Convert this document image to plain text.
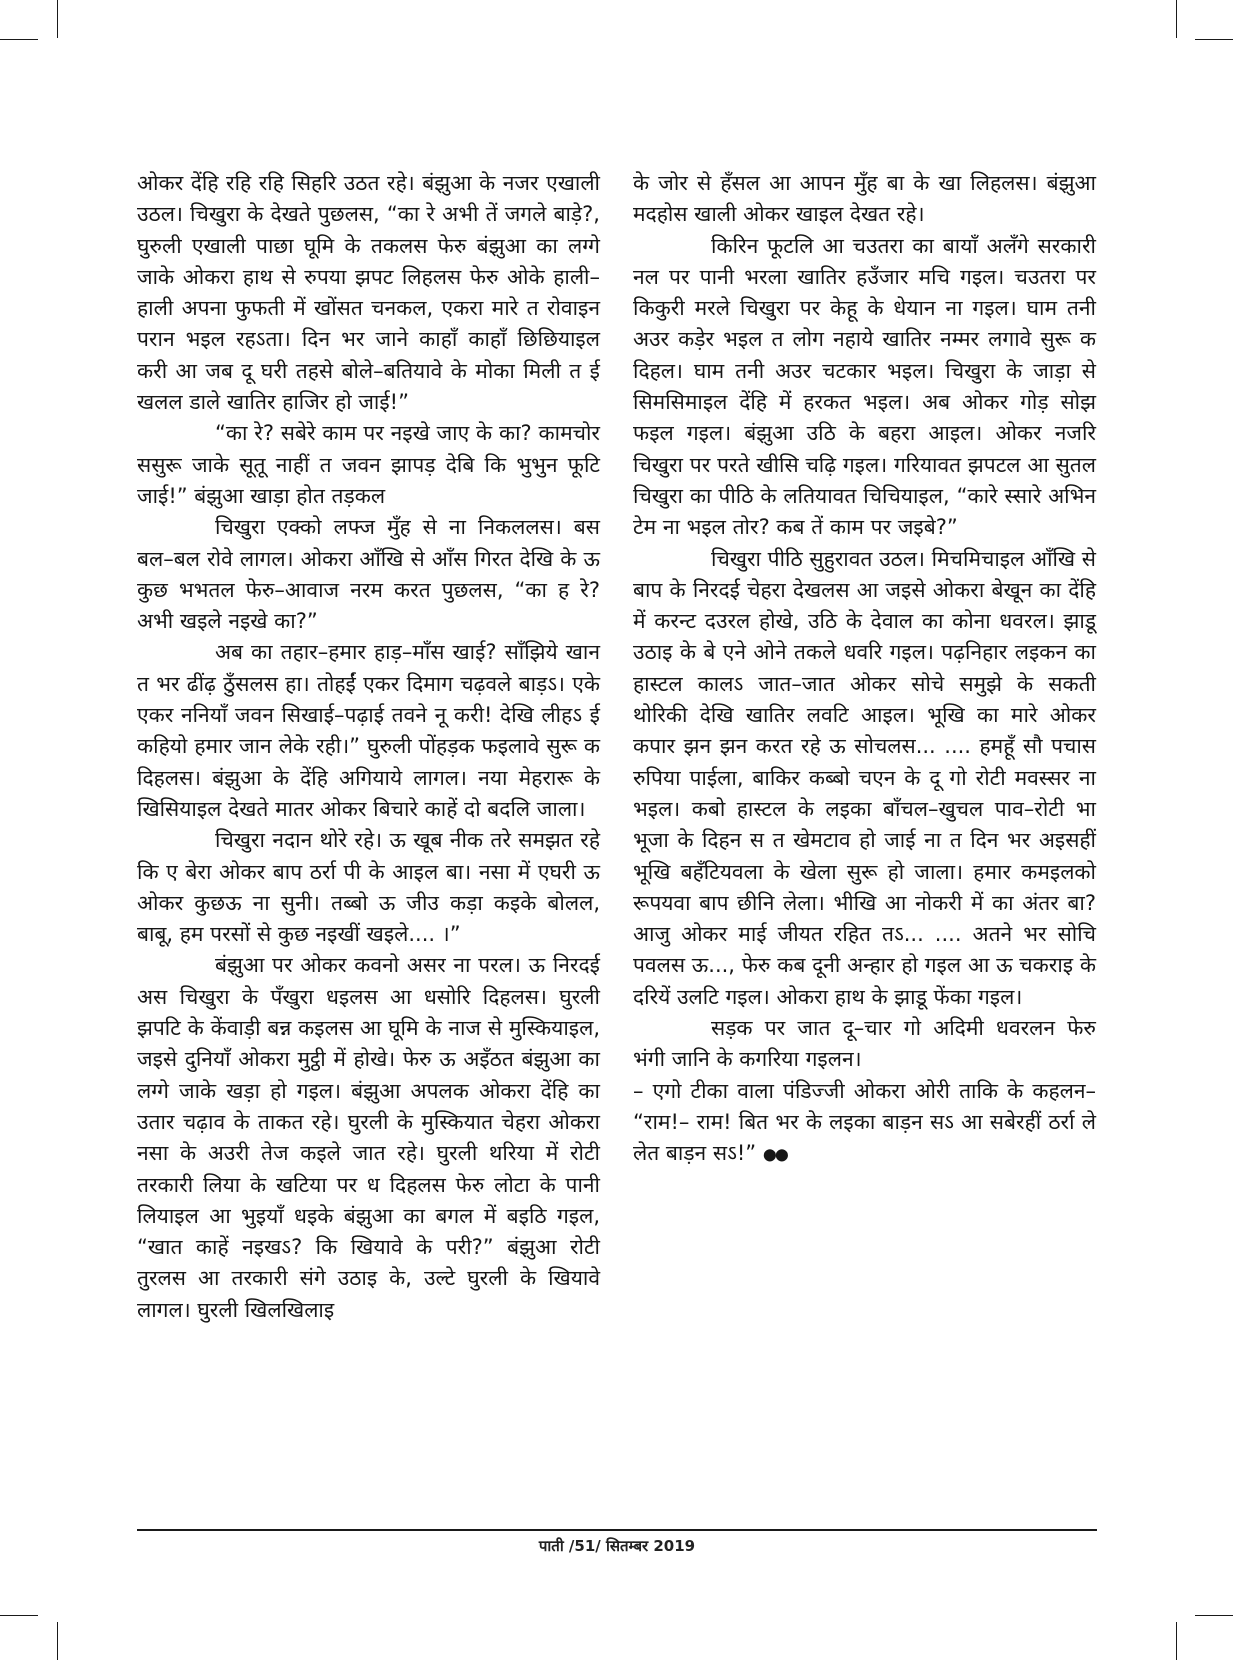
ओकर देंहि रहि रहि सिहरि उठत रहे। बंझुआ के नजर एखाली उठल। चिखुरा के देखते पुछलस, “का रे अभी तें जगले बाड़े?, घुरुली एखाली पाछा घूमि के तकलस फेरु बंझुआ का लग्गे जाके ओकरा हाथ से रुपया झपट लिहलस फेरु ओके हाली–हाली अपना फुफती में खोंसत चनकल, एकरा मारे त रोवाइन परान भइल रहऽता। दिन भर जाने काहाँ काहाँ छिछियाइल करी आ जब दू घरी तहसे बोले–बतियावे के मोका मिली त ई खलल डाले खातिर हाजिर हो जाई!”

“का रे? सबेरे काम पर नइखे जाए के का? कामचोर ससुरू जाके सूतू नाहीं त जवन झापड़ देबि कि भुभुन फूटि जाई!” बंझुआ खाड़ा होत तड़कल

चिखुरा एक्को लफ्ज मुँह से ना निकललस। बस बल–बल रोवे लागल। ओकरा आँखि से आँस गिरत देखि के ऊ कुछ भभतल फेरु–आवाज नरम करत पुछलस, “का ह रे? अभी खइले नइखे का?”

अब का तहार–हमार हाड़–माँस खाई? साँझिये खान त भर ढींढ़ ठुँसलस हा। तोहईं एकर दिमाग चढ़वले बाड़ऽ। एके एकर ननियाँ जवन सिखाई–पढ़ाई तवने नू करी! देखि लीहऽ ई कहियो हमार जान लेके रही।” घुरुली पोंहड़क फइलावे सुरू क दिहलस। बंझुआ के देंहि अगियाये लागल। नया मेहरारू के खिसियाइल देखते मातर ओकर बिचारे काहें दो बदलि जाला।

चिखुरा नदान थोरे रहे। ऊ खूब नीक तरे समझत रहे कि ए बेरा ओकर बाप ठर्रा पी के आइल बा। नसा में एघरी ऊ ओकर कुछऊ ना सुनी। तब्बो ऊ जीउ कड़ा कइके बोलल, बाबू, हम परसों से कुछ नइखीं खइले.... ।”

बंझुआ पर ओकर कवनो असर ना परल। ऊ निरदई अस चिखुरा के पँखुरा धइलस आ धसोरि दिहलस। घुरली झपटि के केंवाड़ी बन्न कइलस आ घूमि के नाज से मुस्कियाइल, जइसे दुनियाँ ओकरा मुट्ठी में होखे। फेरु ऊ अइँठत बंझुआ का लग्गे जाके खड़ा हो गइल। बंझुआ अपलक ओकरा देंहि का उतार चढ़ाव के ताकत रहे। घुरली के मुस्कियात चेहरा ओकरा नसा के अउरी तेज कइले जात रहे। घुरली थरिया में रोटी तरकारी लिया के खटिया पर ध दिहलस फेरु लोटा के पानी लियाइल आ भुइयाँ धइके बंझुआ का बगल में बइठि गइल, “खात काहें नइखऽ? कि खियावे के परी?” बंझुआ रोटी तुरलस आ तरकारी संगे उठाइ के, उल्टे घुरली के खियावे लागल। घुरली खिलखिलाइ

के जोर से हँसल आ आपन मुँह बा के खा लिहलस। बंझुआ मदहोस खाली ओकर खाइल देखत रहे।

किरिन फूटलि आ चउतरा का बायाँ अलँगे सरकारी नल पर पानी भरला खातिर हउँजार मचि गइल। चउतरा पर किकुरी मरले चिखुरा पर केहू के धेयान ना गइल। घाम तनी अउर कड़ेर भइल त लोग नहाये खातिर नम्मर लगावे सुरू क दिहल। घाम तनी अउर चटकार भइल। चिखुरा के जाड़ा से सिमसिमाइल देंहि में हरकत भइल। अब ओकर गोड़ सोझ फइल गइल। बंझुआ उठि के बहरा आइल। ओकर नजरि चिखुरा पर परते खीसि चढ़ि गइल। गरियावत झपटल आ सुतल चिखुरा का पीठि के लतियावत चिचियाइल, “कारे स्सारे अभिन टेम ना भइल तोर? कब तें काम पर जइबे?”

चिखुरा पीठि सुहुरावत उठल। मिचमिचाइल आँखि से बाप के निरदई चेहरा देखलस आ जइसे ओकरा बेखून का देंहि में करन्ट दउरल होखे, उठि के देवाल का कोना धवरल। झाडू उठाइ के बे एने ओने तकले धवरि गइल। पढ़निहार लइकन का हास्टल कालऽ जात–जात ओकर सोचे समुझे के सकती थोरिकी देखि खातिर लवटि आइल। भूखि का मारे ओकर कपार झन झन करत रहे ऊ सोचलस... .... हमहूँ सौ पचास रुपिया पाईला, बाकिर कब्बो चएन के दू गो रोटी मवस्सर ना भइल। कबो हास्टल के लइका बाँचल–खुचल पाव–रोटी भा भूजा के दिहन स त खेमटाव हो जाई ना त दिन भर अइसहीं भूखि बहँटियवला के खेला सुरू हो जाला। हमार कमइलको रूपयवा बाप छीनि लेला। भीखि आ नोकरी में का अंतर बा? आजु ओकर माई जीयत रहित तऽ... .... अतने भर सोचि पवलस ऊ..., फेरु कब दूनी अन्हार हो गइल आ ऊ चकराइ के दरियें उलटि गइल। ओकरा हाथ के झाडू फेंका गइल।

सड़क पर जात दू–चार गो अदिमी धवरलन फेरु भंगी जानि के कगरिया गइलन।

– एगो टीका वाला पंडिज्जी ओकरा ओरी ताकि के कहलन– “राम!– राम! बित भर के लइका बाड़न सऽ आ सबेरहीं ठर्रा ले लेत बाड़न सऽ!” ●●

पाती /51/ सितम्बर 2019
